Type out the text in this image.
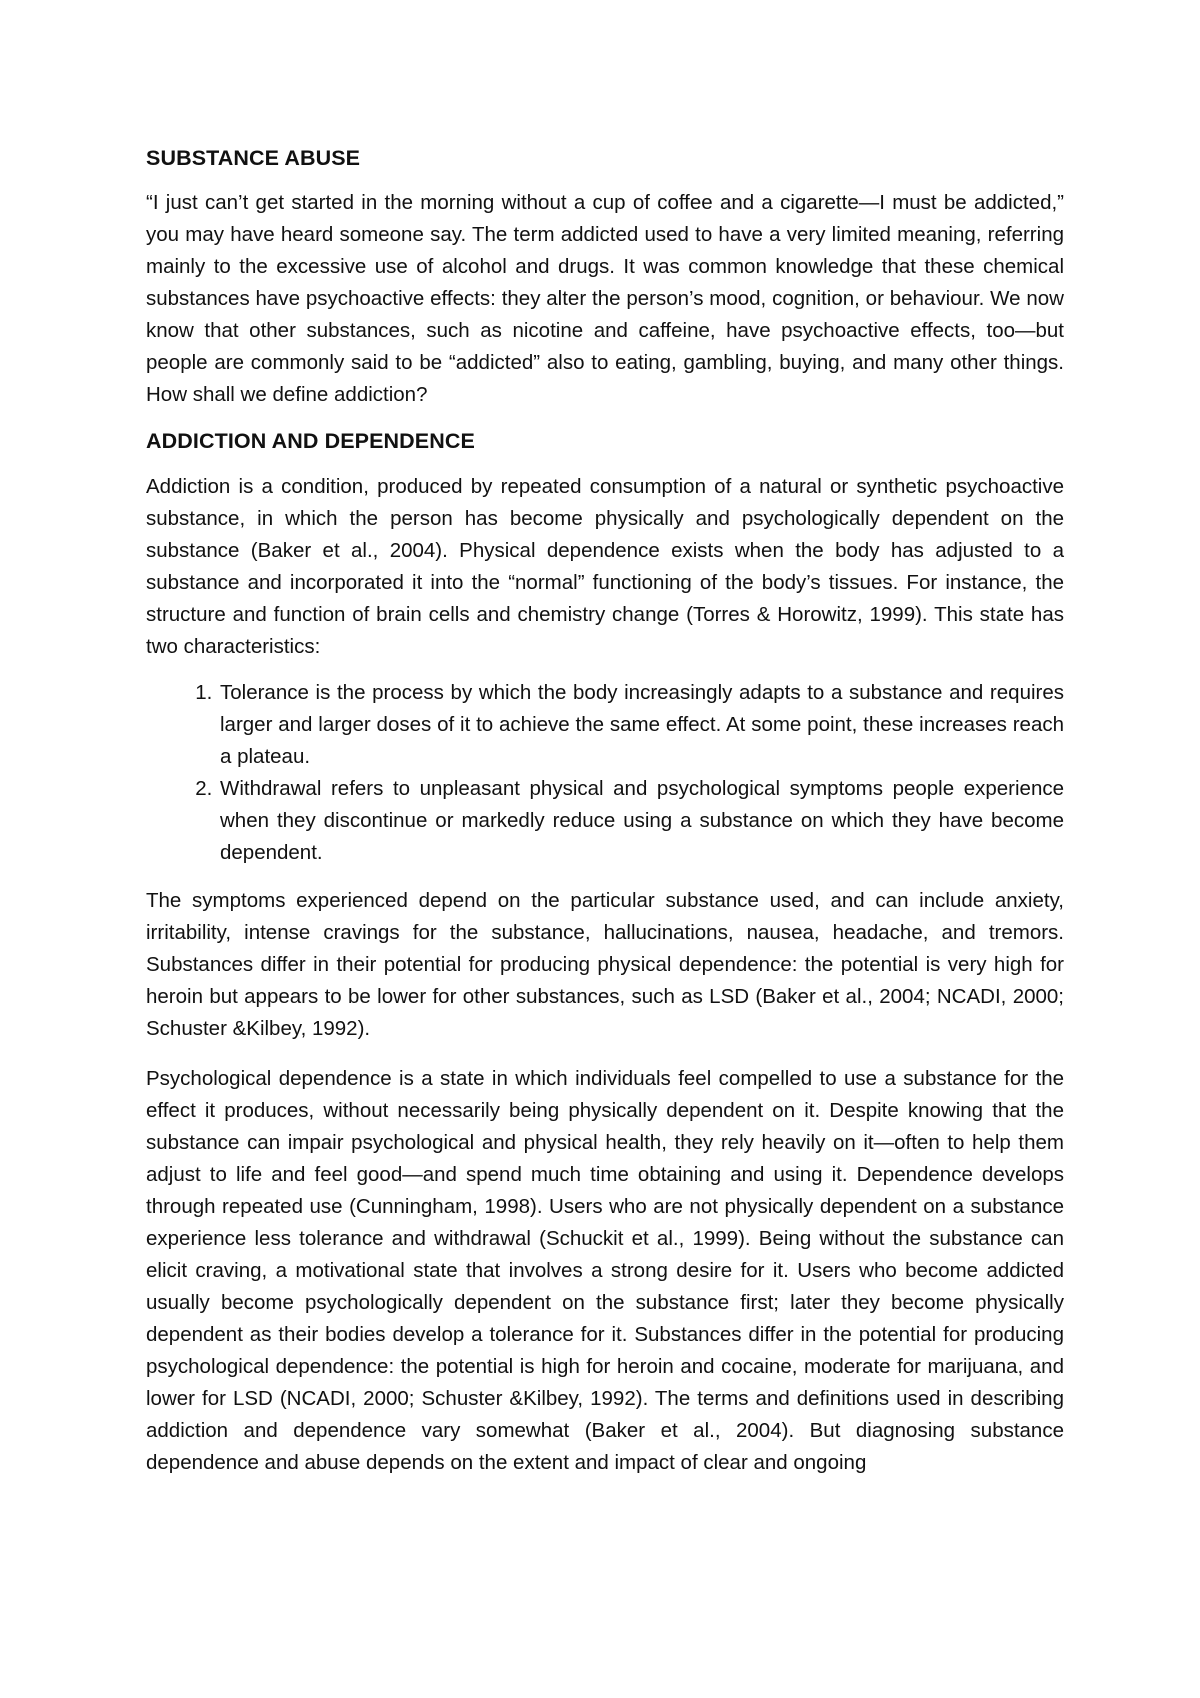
SUBSTANCE ABUSE

“I just can’t get started in the morning without a cup of coffee and a cigarette—I must be addicted,” you may have heard someone say. The term addicted used to have a very limited meaning, referring mainly to the excessive use of alcohol and drugs. It was common knowledge that these chemical substances have psychoactive effects: they alter the person’s mood, cognition, or behaviour. We now know that other substances, such as nicotine and caffeine, have psychoactive effects, too—but people are commonly said to be “addicted” also to eating, gambling, buying, and many other things. How shall we define addiction?

ADDICTION AND DEPENDENCE

Addiction is a condition, produced by repeated consumption of a natural or synthetic psychoactive substance, in which the person has become physically and psychologically dependent on the substance (Baker et al., 2004). Physical dependence exists when the body has adjusted to a substance and incorporated it into the “normal” functioning of the body’s tissues. For instance, the structure and function of brain cells and chemistry change (Torres & Horowitz, 1999). This state has two characteristics:

1. Tolerance is the process by which the body increasingly adapts to a substance and requires larger and larger doses of it to achieve the same effect. At some point, these increases reach a plateau.
2. Withdrawal refers to unpleasant physical and psychological symptoms people experience when they discontinue or markedly reduce using a substance on which they have become dependent.

The symptoms experienced depend on the particular substance used, and can include anxiety, irritability, intense cravings for the substance, hallucinations, nausea, headache, and tremors. Substances differ in their potential for producing physical dependence: the potential is very high for heroin but appears to be lower for other substances, such as LSD (Baker et al., 2004; NCADI, 2000; Schuster &Kilbey, 1992).

Psychological dependence is a state in which individuals feel compelled to use a substance for the effect it produces, without necessarily being physically dependent on it. Despite knowing that the substance can impair psychological and physical health, they rely heavily on it—often to help them adjust to life and feel good—and spend much time obtaining and using it. Dependence develops through repeated use (Cunningham, 1998). Users who are not physically dependent on a substance experience less tolerance and withdrawal (Schuckit et al., 1999). Being without the substance can elicit craving, a motivational state that involves a strong desire for it. Users who become addicted usually become psychologically dependent on the substance first; later they become physically dependent as their bodies develop a tolerance for it. Substances differ in the potential for producing psychological dependence: the potential is high for heroin and cocaine, moderate for marijuana, and lower for LSD (NCADI, 2000; Schuster &Kilbey, 1992). The terms and definitions used in describing addiction and dependence vary somewhat (Baker et al., 2004). But diagnosing substance dependence and abuse depends on the extent and impact of clear and ongoing
